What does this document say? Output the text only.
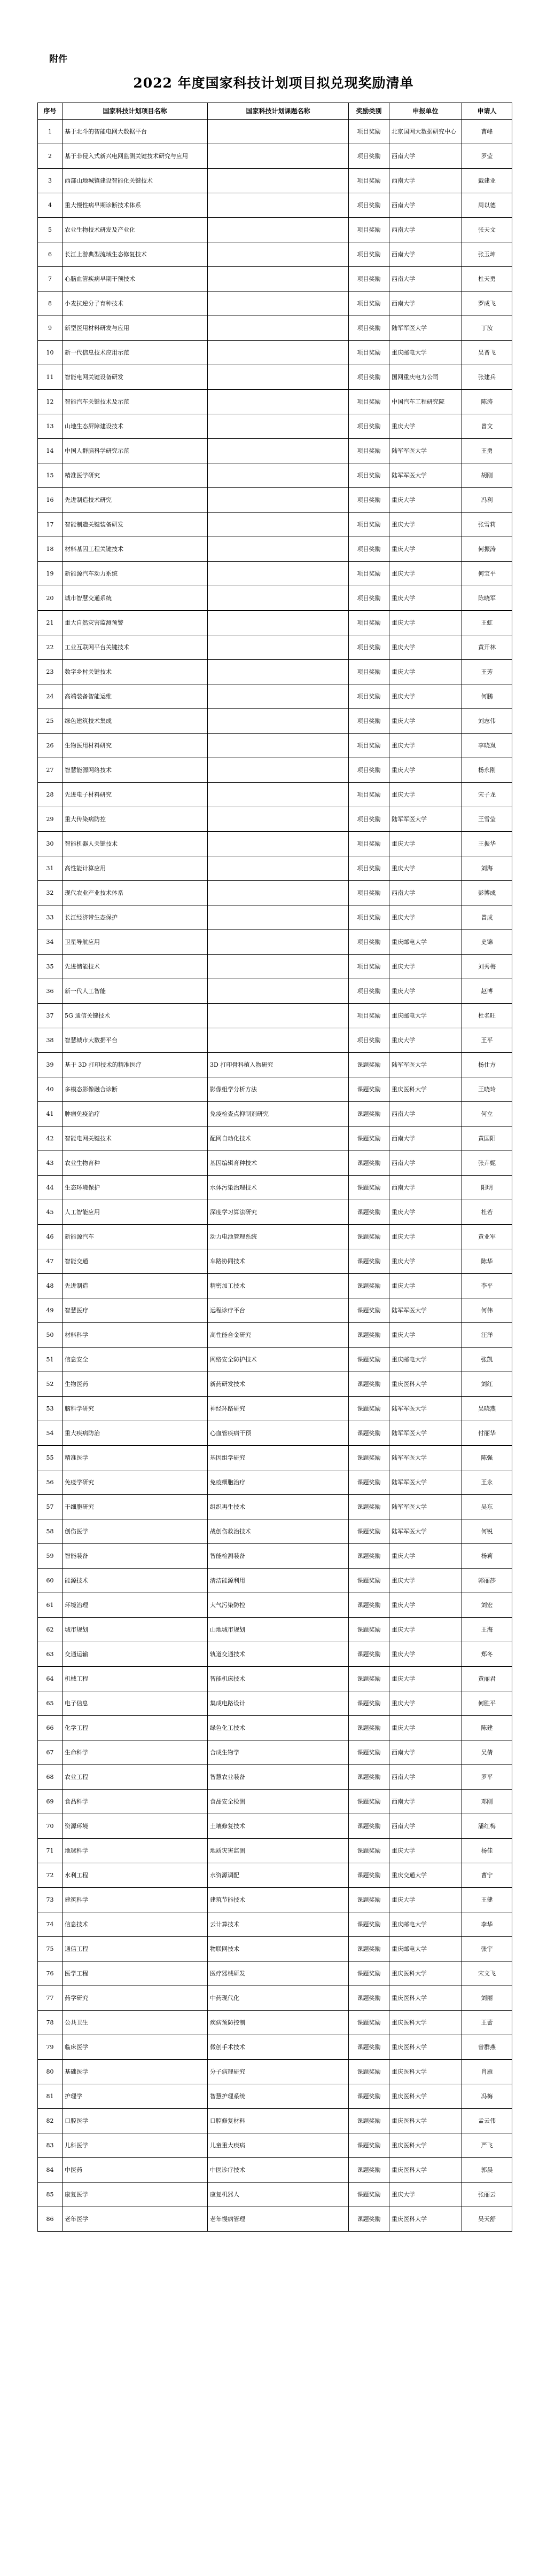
附件
2022 年度国家科技计划项目拟兑现奖励清单
序号	国家科技计划项目名称	国家科技计划课题名称	奖励类别	申报单位	申请人
1	基于北斗的智能电网大数据平台		项目奖励	北京国网大数据研究中心	曹峰
2	基于非侵入式新兴电网监测关键技术研究与应用		项目奖励	西南大学	罗莹
3	西部山地城镇建设智能化关键技术		项目奖励	西南大学	戴建业
4	重大慢性病早期诊断技术体系		项目奖励	西南大学	周以德
5	农业生物技术研发及产业化		项目奖励	西南大学	张天文
6	长江上游典型流域生态修复技术		项目奖励	西南大学	张玉坤
7	心脑血管疾病早期干预技术		项目奖励	西南大学	杜天勇
8	小麦抗逆分子育种技术		项目奖励	西南大学	罗成飞
9	新型医用材料研发与应用		项目奖励	陆军军医大学	丁汝
10	新一代信息技术应用示范		项目奖励	重庆邮电大学	吴晋飞
11	智能电网关键设备研发		项目奖励	国网重庆电力公司	张建兵
12	智能汽车关键技术及示范		项目奖励	中国汽车工程研究院	陈涛
13	山地生态屏障建设技术		项目奖励	重庆大学	曾文
14	中国人群脑科学研究示范		项目奖励	陆军军医大学	王勇
15	精准医学研究		项目奖励	陆军军医大学	胡刚
16	先进制造技术研究		项目奖励	重庆大学	冯利
17	智能制造关键装备研发		项目奖励	重庆大学	张雪莉
18	材料基因工程关键技术		项目奖励	重庆大学	何振涛
19	新能源汽车动力系统		项目奖励	重庆大学	何宝平
20	城市智慧交通系统		项目奖励	重庆大学	陈晓军
21	重大自然灾害监测预警		项目奖励	重庆大学	王虹
22	工业互联网平台关键技术		项目奖励	重庆大学	黄开林
23	数字乡村关键技术		项目奖励	重庆大学	王芳
24	高端装备智能运维		项目奖励	重庆大学	何鹏
25	绿色建筑技术集成		项目奖励	重庆大学	刘志伟
26	生物医用材料研究		项目奖励	重庆大学	李晓岚
27	智慧能源网络技术		项目奖励	重庆大学	杨永刚
28	先进电子材料研究		项目奖励	重庆大学	宋子龙
29	重大传染病防控		项目奖励	陆军军医大学	王雪莹
30	智能机器人关键技术		项目奖励	重庆大学	王振华
31	高性能计算应用		项目奖励	重庆大学	刘海
32	现代农业产业技术体系		项目奖励	西南大学	彭博成
33	长江经济带生态保护		项目奖励	重庆大学	曾成
34	卫星导航应用		项目奖励	重庆邮电大学	史锦
35	先进储能技术		项目奖励	重庆大学	刘秀梅
36	新一代人工智能		项目奖励	重庆大学	赵博
37	5G 通信关键技术		项目奖励	重庆邮电大学	杜名旺
38	智慧城市大数据平台		项目奖励	重庆大学	王平
39	基于 3D 打印技术的精准医疗	3D 打印骨科植入物研究	课题奖励	陆军军医大学	杨仕方
40	多模态影像融合诊断	影像组学分析方法	课题奖励	重庆医科大学	王晓玲
41	肿瘤免疫治疗	免疫检查点抑制剂研究	课题奖励	西南大学	何立
42	智能电网关键技术	配网自动化技术	课题奖励	西南大学	黄国阳
43	农业生物育种	基因编辑育种技术	课题奖励	西南大学	张卉妮
44	生态环境保护	水体污染治理技术	课题奖励	西南大学	阳明
45	人工智能应用	深度学习算法研究	课题奖励	重庆大学	杜若
46	新能源汽车	动力电池管理系统	课题奖励	重庆大学	黄业军
47	智能交通	车路协同技术	课题奖励	重庆大学	陈华
48	先进制造	精密加工技术	课题奖励	重庆大学	李平
49	智慧医疗	远程诊疗平台	课题奖励	陆军军医大学	何伟
50	材料科学	高性能合金研究	课题奖励	重庆大学	汪洋
51	信息安全	网络安全防护技术	课题奖励	重庆邮电大学	张凯
52	生物医药	新药研发技术	课题奖励	重庆医科大学	刘红
53	脑科学研究	神经环路研究	课题奖励	陆军军医大学	吴晓燕
54	重大疾病防治	心血管疾病干预	课题奖励	陆军军医大学	付丽华
55	精准医学	基因组学研究	课题奖励	陆军军医大学	陈强
56	免疫学研究	免疫细胞治疗	课题奖励	陆军军医大学	王永
57	干细胞研究	组织再生技术	课题奖励	陆军军医大学	吴东
58	创伤医学	战创伤救治技术	课题奖励	陆军军医大学	何锐
59	智能装备	智能检测装备	课题奖励	重庆大学	杨莉
60	能源技术	清洁能源利用	课题奖励	重庆大学	郭丽莎
61	环境治理	大气污染防控	课题奖励	重庆大学	刘宏
62	城市规划	山地城市规划	课题奖励	重庆大学	王海
63	交通运输	轨道交通技术	课题奖励	重庆大学	郑冬
64	机械工程	智能机床技术	课题奖励	重庆大学	黄丽君
65	电子信息	集成电路设计	课题奖励	重庆大学	何胜平
66	化学工程	绿色化工技术	课题奖励	重庆大学	陈建
67	生命科学	合成生物学	课题奖励	西南大学	吴倩
68	农业工程	智慧农业装备	课题奖励	西南大学	罗平
69	食品科学	食品安全检测	课题奖励	西南大学	邓刚
70	资源环境	土壤修复技术	课题奖励	西南大学	潘红梅
71	地球科学	地质灾害监测	课题奖励	重庆大学	杨佳
72	水利工程	水资源调配	课题奖励	重庆交通大学	曹宁
73	建筑科学	建筑节能技术	课题奖励	重庆大学	王健
74	信息技术	云计算技术	课题奖励	重庆邮电大学	李华
75	通信工程	物联网技术	课题奖励	重庆邮电大学	张宇
76	医学工程	医疗器械研发	课题奖励	重庆医科大学	宋文飞
77	药学研究	中药现代化	课题奖励	重庆医科大学	刘丽
78	公共卫生	疾病预防控制	课题奖励	重庆医科大学	王蕾
79	临床医学	微创手术技术	课题奖励	重庆医科大学	曾群燕
80	基础医学	分子病理研究	课题奖励	重庆医科大学	肖雁
81	护理学	智慧护理系统	课题奖励	重庆医科大学	冯梅
82	口腔医学	口腔修复材料	课题奖励	重庆医科大学	孟云伟
83	儿科医学	儿童重大疾病	课题奖励	重庆医科大学	严飞
84	中医药	中医诊疗技术	课题奖励	重庆医科大学	郭晨
85	康复医学	康复机器人	课题奖励	重庆大学	张丽云
86	老年医学	老年慢病管理	课题奖励	重庆医科大学	吴天舒
